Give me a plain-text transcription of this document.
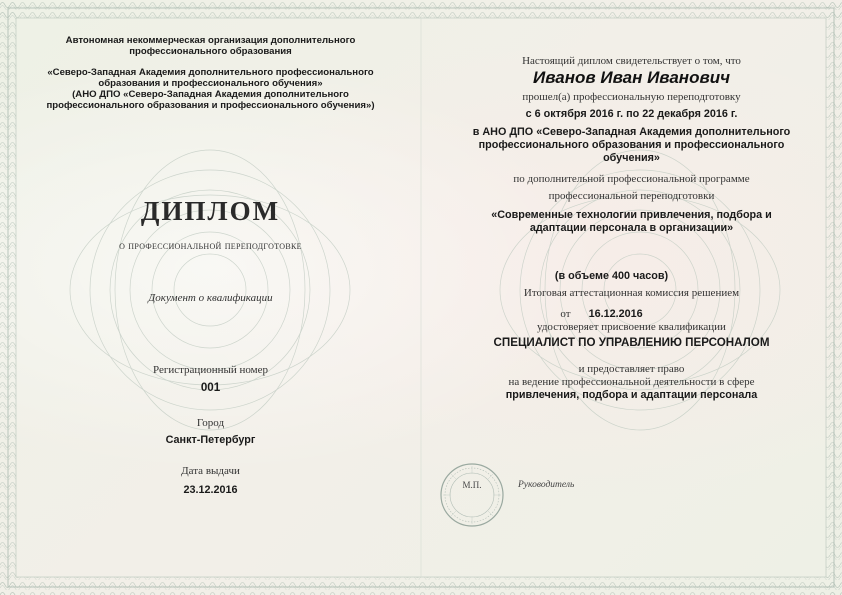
Автономная некоммерческая организация дополнительного
профессионального образования
«Северо-Западная Академия дополнительного профессионального
образования и профессионального обучения»
(АНО ДПО «Северо-Западная Академия дополнительного
профессионального образования и профессионального обучения»)
ДИПЛОМ
о профессиональной переподготовке
Документ о квалификации
Регистрационный номер
001
Город
Санкт-Петербург
Дата выдачи
23.12.2016
Настоящий диплом свидетельствует о том, что
Иванов Иван Иванович
прошел(а) профессиональную переподготовку
с 6 октября 2016 г. по 22 декабря 2016 г.
в АНО ДПО «Северо-Западная Академия дополнительного
профессионального образования и профессионального
обучения»
по дополнительной профессиональной программе
профессиональной переподготовки
«Современные технологии привлечения, подбора и
адаптации персонала в организации»
(в объеме 400 часов)
Итоговая аттестационная комиссия решением
от 16.12.2016
удостоверяет присвоение квалификации
СПЕЦИАЛИСТ ПО УПРАВЛЕНИЮ ПЕРСОНАЛОМ
и предоставляет право
на ведение профессиональной деятельности в сфере
привлечения, подбора и адаптации персонала
Руководитель
М.П.
